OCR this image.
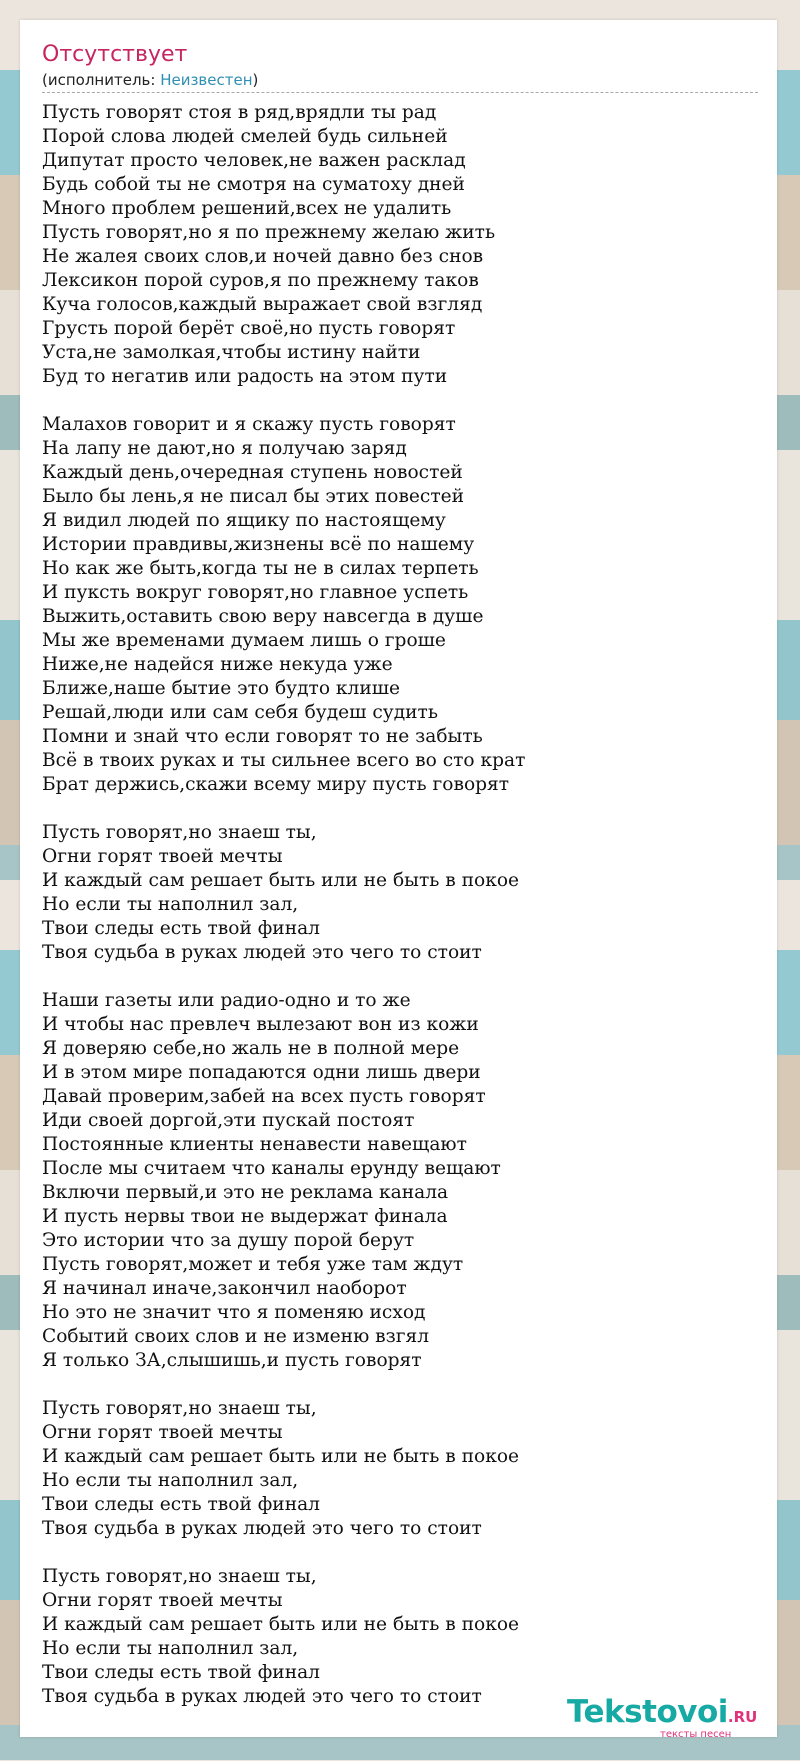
Отсутствует
(исполнитель: Неизвестен)
Пусть говорят стоя в ряд,врядли ты рад
Порой слова людей смелей будь сильней
Дипутат просто человек,не важен расклад
Будь собой ты не смотря на суматоху дней
Много проблем решений,всех не удалить
Пусть говорят,но я по прежнему желаю жить
Не жалея своих слов,и ночей давно без снов
Лексикон порой суров,я по прежнему таков
Куча голосов,каждый выражает свой взгляд
Грусть порой берёт своё,но пусть говорят
Уста,не замолкая,чтобы истину найти
Буд то негатив или радость на этом пути
Малахов говорит и я скажу пусть говорят
На лапу не дают,но я получаю заряд
Каждый день,очередная ступень новостей
Было бы лень,я не писал бы этих повестей
Я видил людей по ящику по настоящему
Истории правдивы,жизнены всё по нашему
Но как же быть,когда ты не в силах терпеть
И пуксть вокруг говорят,но главное успеть
Выжить,оставить свою веру навсегда в душе
Мы же временами думаем лишь о гроше
Ниже,не надейся ниже некуда уже
Ближе,наше бытие это будто клише
Решай,люди или сам себя будеш судить
Помни и знай что если говорят то не забыть
Всё в твоих руках и ты сильнее всего во сто крат
Брат держись,скажи всему миру пусть говорят
Пусть говорят,но знаеш ты,
Огни горят твоей мечты
И каждый сам решает быть или не быть в покое
Но если ты наполнил зал,
Твои следы есть твой финал
Твоя судьба в руках людей это чего то стоит
Наши газеты или радио-одно и то же
И чтобы нас превлеч вылезают вон из кожи
Я доверяю себе,но жаль не в полной мере
И в этом мире попадаются одни лишь двери
Давай проверим,забей на всех пусть говорят
Иди своей доргой,эти пускай постоят
Постоянные клиенты ненавести навещают
После мы считаем что каналы ерунду вещают
Включи первый,и это не реклама канала
И пусть нервы твои не выдержат финала
Это истории что за душу порой берут
Пусть говорят,может и тебя уже там ждут
Я начинал иначе,закончил наоборот
Но это не значит что я поменяю исход
Событий своих слов и не изменю взгял
Я только ЗА,слышишь,и пусть говорят
Пусть говорят,но знаеш ты,
Огни горят твоей мечты
И каждый сам решает быть или не быть в покое
Но если ты наполнил зал,
Твои следы есть твой финал
Твоя судьба в руках людей это чего то стоит
Пусть говорят,но знаеш ты,
Огни горят твоей мечты
И каждый сам решает быть или не быть в покое
Но если ты наполнил зал,
Твои следы есть твой финал
Твоя судьба в руках людей это чего то стоит	Tekstovoi.RU
тексты песен
